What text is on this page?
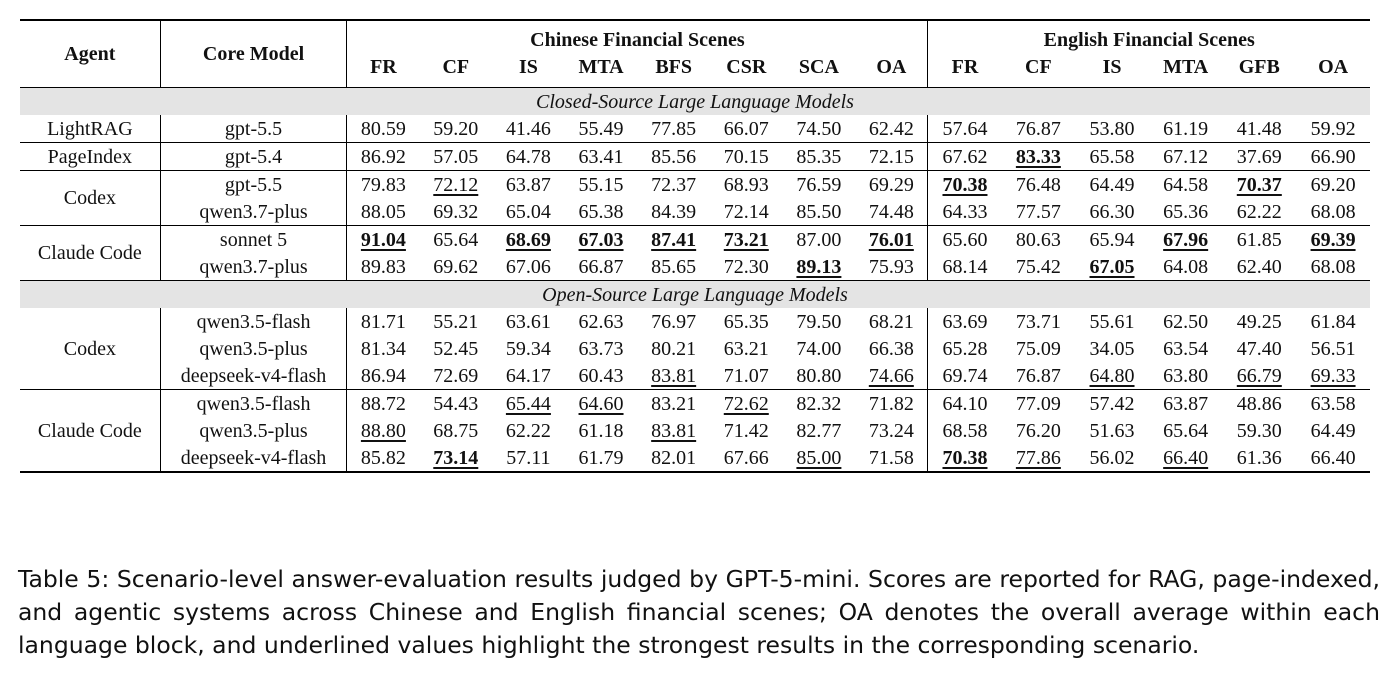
Agent	Core Model	Chinese Financial Scenes								English Financial Scenes					
		FR	CF	IS	MTA	BFS	CSR	SCA	OA	FR	CF	IS	MTA	GFB	OA
Closed-Source Large Language Models															
LightRAG	gpt-5.5	80.59	59.20	41.46	55.49	77.85	66.07	74.50	62.42	57.64	76.87	53.80	61.19	41.48	59.92
PageIndex	gpt-5.4	86.92	57.05	64.78	63.41	85.56	70.15	85.35	72.15	67.62	83.33	65.58	67.12	37.69	66.90
Codex	gpt-5.5	79.83	72.12	63.87	55.15	72.37	68.93	76.59	69.29	70.38	76.48	64.49	64.58	70.37	69.20
	qwen3.7-plus	88.05	69.32	65.04	65.38	84.39	72.14	85.50	74.48	64.33	77.57	66.30	65.36	62.22	68.08
Claude Code	sonnet 5	91.04	65.64	68.69	67.03	87.41	73.21	87.00	76.01	65.60	80.63	65.94	67.96	61.85	69.39
	qwen3.7-plus	89.83	69.62	67.06	66.87	85.65	72.30	89.13	75.93	68.14	75.42	67.05	64.08	62.40	68.08
Open-Source Large Language Models															
Codex	qwen3.5-flash	81.71	55.21	63.61	62.63	76.97	65.35	79.50	68.21	63.69	73.71	55.61	62.50	49.25	61.84
	qwen3.5-plus	81.34	52.45	59.34	63.73	80.21	63.21	74.00	66.38	65.28	75.09	34.05	63.54	47.40	56.51
	deepseek-v4-flash	86.94	72.69	64.17	60.43	83.81	71.07	80.80	74.66	69.74	76.87	64.80	63.80	66.79	69.33
Claude Code	qwen3.5-flash	88.72	54.43	65.44	64.60	83.21	72.62	82.32	71.82	64.10	77.09	57.42	63.87	48.86	63.58
	qwen3.5-plus	88.80	68.75	62.22	61.18	83.81	71.42	82.77	73.24	68.58	76.20	51.63	65.64	59.30	64.49
	deepseek-v4-flash	85.82	73.14	57.11	61.79	82.01	67.66	85.00	71.58	70.38	77.86	56.02	66.40	61.36	66.40

Table 5: Scenario-level answer-evaluation results judged by GPT-5-mini. Scores are reported for RAG, page-indexed, and agentic systems across Chinese and English financial scenes; OA denotes the overall average within each language block, and underlined values highlight the strongest results in the corresponding scenario.
